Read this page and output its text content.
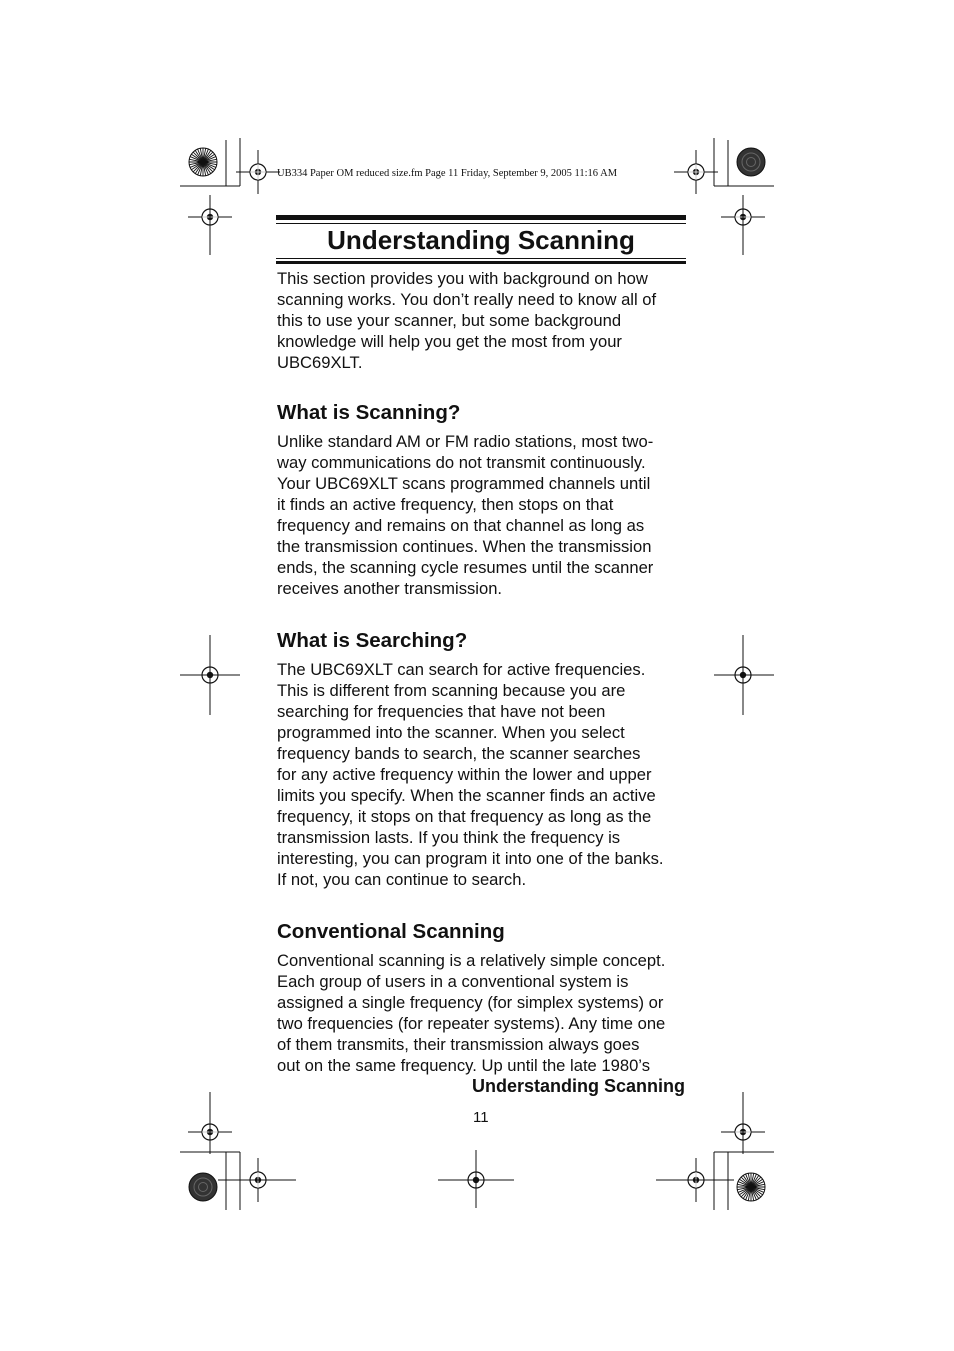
UB334 Paper OM reduced size.fm Page 11 Friday, September 9, 2005 11:16 AM
Understanding Scanning

This section provides you with background on how
scanning works. You don’t really need to know all of
this to use your scanner, but some background
knowledge will help you get the most from your
UBC69XLT.

What is Scanning?

Unlike standard AM or FM radio stations, most two-
way communications do not transmit continuously.
Your UBC69XLT scans programmed channels until
it finds an active frequency, then stops on that
frequency and remains on that channel as long as
the transmission continues. When the transmission
ends, the scanning cycle resumes until the scanner
receives another transmission.

What is Searching?

The UBC69XLT can search for active frequencies.
This is different from scanning because you are
searching for frequencies that have not been
programmed into the scanner. When you select
frequency bands to search, the scanner searches
for any active frequency within the lower and upper
limits you specify. When the scanner finds an active
frequency, it stops on that frequency as long as the
transmission lasts. If you think the frequency is
interesting, you can program it into one of the banks.
If not, you can continue to search.

Conventional Scanning

Conventional scanning is a relatively simple concept.
Each group of users in a conventional system is
assigned a single frequency (for simplex systems) or
two frequencies (for repeater systems). Any time one
of them transmits, their transmission always goes
out on the same frequency. Up until the late 1980’s

Understanding Scanning
11
